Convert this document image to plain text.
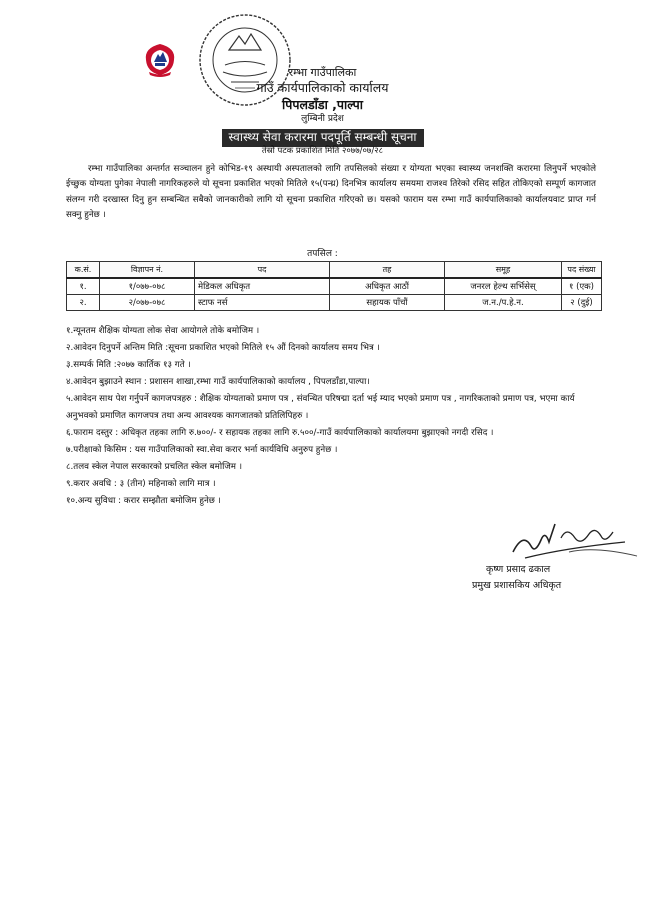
रम्भा गाउँपालिका
गाउँ कार्यपालिकाको कार्यालय
पिपलडाँडा ,पाल्पा
लुम्बिनी प्रदेश
स्वास्थ्य सेवा करारमा पदपूर्ति सम्बन्धी सूचना
तेस्रो पटक प्रकाशित मिति २०७७/०७/२८
रम्भा गाउँपालिका अन्तर्गत सञ्चालन हुने कोभिड-१९ अस्थायी अस्पतालको लागि तपसिलको संख्या र योग्यता भएका स्वास्थ्य जनशक्ति करारमा लिनुपर्ने भएकोले ईच्छुक योग्यता पुगेका नेपाली नागरिकहरुले यो सूचना प्रकाशित भएको मितिले १५(पन्ध्र) दिनभित्र कार्यालय समयमा राजश्व तिरेको रसिद सहित तोकिएको सम्पूर्ण कागजात संलग्न गरी दरखास्त दिनु हुन सम्बन्धित सबैको जानकारीको लागि यो सूचना प्रकाशित गरिएको छ। यसको फाराम यस रम्भा गाउँ कार्यपालिकाको कार्यालयवाट प्राप्त गर्न सक्नु हुनेछ ।
तपसिल :
क.सं.	विज्ञापन नं.	पद	तह	समूह	पद संख्या
१.	१/०७७-०७८	मेडिकल अधिकृत	अधिकृत आठौं	जनरल हेल्थ सर्भिसेस्	१ (एक)
२.	२/०७७-०७८	स्टाफ नर्स	सहायक पाँचौं	ज.न./प.हे.न.	२ (दुई)
१.न्यूनतम शैक्षिक योग्यता लोक सेवा आयोगले तोके बमोजिम ।
२.आवेदन दिनुपर्ने अन्तिम मिति :सूचना प्रकाशित भएको मितिले १५ औं दिनको कार्यालय समय भित्र ।
३.सम्पर्क मिति :२०७७ कार्तिक १३ गते ।
४.आवेदन बुझाउने स्थान : प्रशासन शाखा,रम्भा गाउँ कार्यपालिकाको कार्यालय , पिपलडाँडा,पाल्पा।
५.आवेदन साथ पेश गर्नुपर्ने कागजपत्रहरु : शैक्षिक योग्यताको प्रमाण पत्र , संवन्धित परिषद्मा दर्ता भई म्याद भएको प्रमाण पत्र , नागरिकताको प्रमाण पत्र, भएमा कार्य अनुभवको प्रमाणित कागजपत्र तथा अन्य आवश्यक कागजातको प्रतिलिपिहरु ।
६.फाराम दस्तुर : अधिकृत तहका लागि रु.७००/- र सहायक तहका लागि रु.५००/-गाउँ कार्यपालिकाको कार्यालयमा बुझाएको नगदी रसिद ।
७.परीक्षाको किसिम : यस गाउँपालिकाको स्वा.सेवा करार भर्ना कार्यविधि अनुरुप हुनेछ ।
८.तलव स्केल नेपाल सरकारको प्रचलित स्केल बमोजिम ।
९.करार अवधि : ३ (तीन) महिनाको लागि मात्र ।
१०.अन्य सुविधा : करार सम्झौता बमोजिम हुनेछ ।
कृष्ण प्रसाद ढकाल
प्रमुख प्रशासकिय अधिकृत
